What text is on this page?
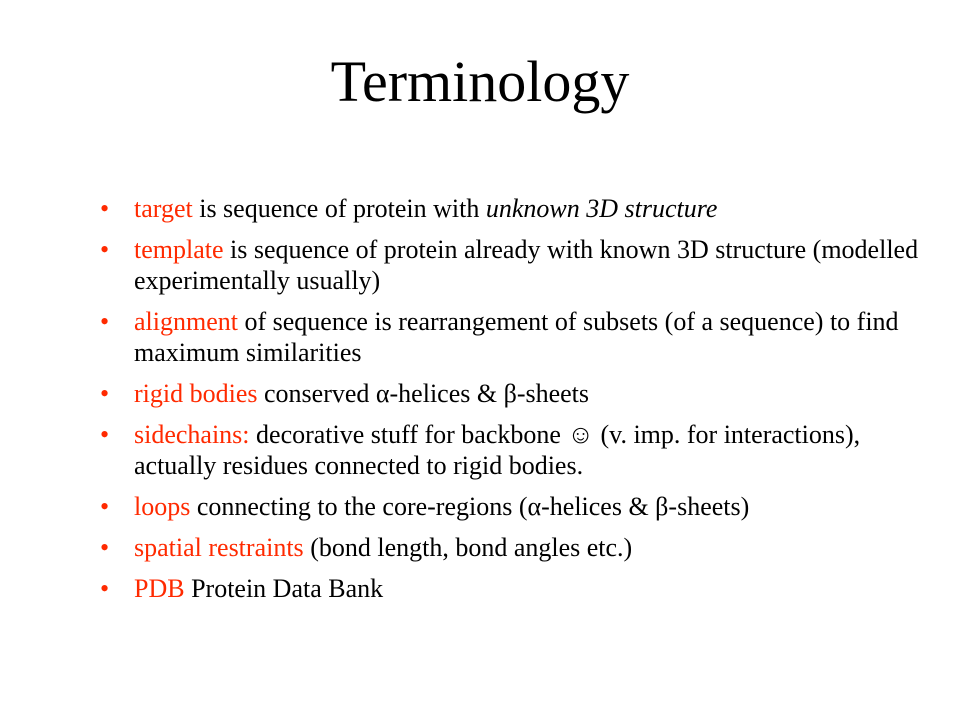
Terminology
• target is sequence of protein with unknown 3D structure
• template is sequence of protein already with known 3D structure (modelled experimentally usually)
• alignment of sequence is rearrangement of subsets (of a sequence) to find maximum similarities
• rigid bodies conserved α-helices & β-sheets
• sidechains: decorative stuff for backbone ☺ (v. imp. for interactions), actually residues connected to rigid bodies.
• loops connecting to the core-regions (α-helices & β-sheets)
• spatial restraints (bond length, bond angles etc.)
• PDB Protein Data Bank
